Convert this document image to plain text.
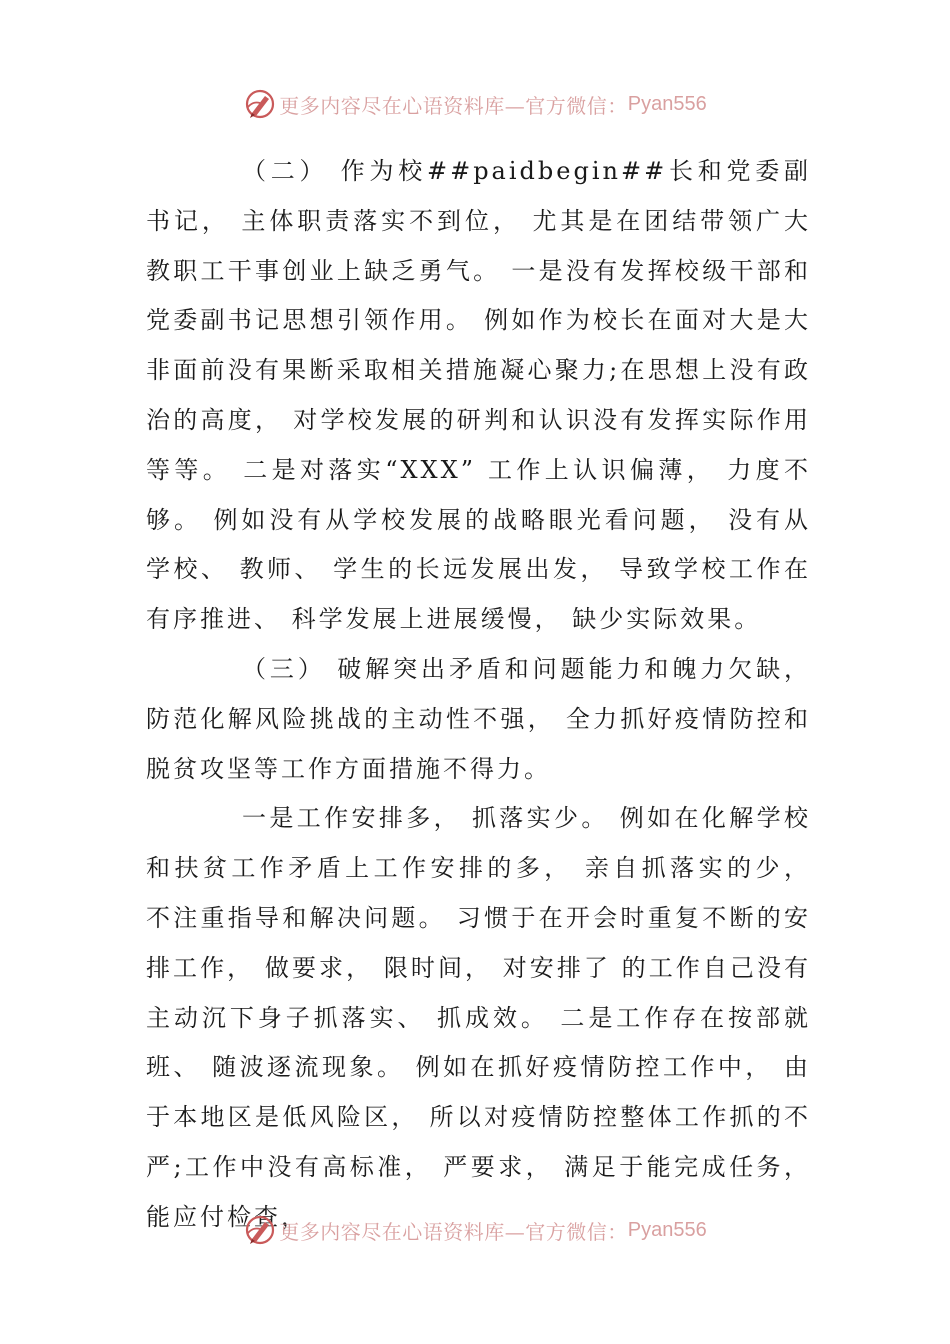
更多内容尽在心语资料库—官方微信： Pyan556

（二） 作为校##paidbegin##长和党委副书记， 主体职责落实不到位， 尤其是在团结带领广大教职工干事创业上缺乏勇气。 一是没有发挥校级干部和党委副书记思想引领作用。 例如作为校长在面对大是大非面前没有果断采取相关措施凝心聚力;在思想上没有政治的高度， 对学校发展的研判和认识没有发挥实际作用等等。 二是对落实“XXX” 工作上认识偏薄， 力度不够。 例如没有从学校发展的战略眼光看问题， 没有从学校、 教师、 学生的长远发展出发， 导致学校工作在有序推进、 科学发展上进展缓慢， 缺少实际效果。

（三） 破解突出矛盾和问题能力和魄力欠缺， 防范化解风险挑战的主动性不强， 全力抓好疫情防控和脱贫攻坚等工作方面措施不得力。

一是工作安排多， 抓落实少。 例如在化解学校和扶贫工作矛盾上工作安排的多， 亲自抓落实的少， 不注重指导和解决问题。 习惯于在开会时重复不断的安排工作， 做要求， 限时间， 对安排了 的工作自己没有主动沉下身子抓落实、 抓成效。 二是工作存在按部就班、 随波逐流现象。 例如在抓好疫情防控工作中， 由于本地区是低风险区， 所以对疫情防控整体工作抓的不严;工作中没有高标准， 严要求， 满足于能完成任务， 能应付检查，

更多内容尽在心语资料库—官方微信： Pyan556
